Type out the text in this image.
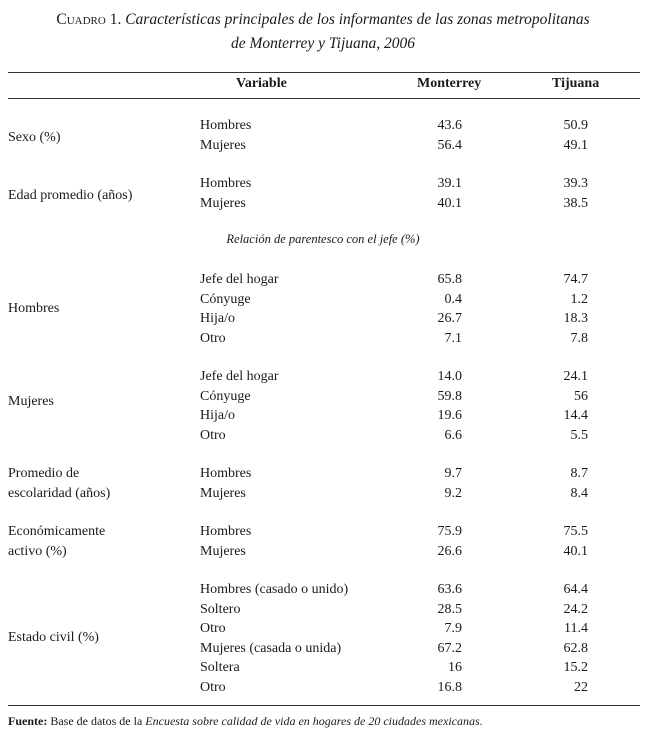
Cuadro 1. Características principales de los informantes de las zonas metropolitanas
de Monterrey y Tijuana, 2006
Variable	Monterrey	Tijuana
Sexo (%)
Hombres	43.6	50.9
Mujeres	56.4	49.1
Edad promedio (años)
Hombres	39.1	39.3
Mujeres	40.1	38.5
Relación de parentesco con el jefe (%)
Hombres
Jefe del hogar	65.8	74.7
Cónyuge	0.4	1.2
Hija/o	26.7	18.3
Otro	7.1	7.8
Mujeres
Jefe del hogar	14.0	24.1
Cónyuge	59.8	56
Hija/o	19.6	14.4
Otro	6.6	5.5
Promedio de
escolaridad (años)
Hombres	9.7	8.7
Mujeres	9.2	8.4
Económicamente
activo (%)
Hombres	75.9	75.5
Mujeres	26.6	40.1
Estado civil (%)
Hombres (casado o unido)	63.6	64.4
Soltero	28.5	24.2
Otro	7.9	11.4
Mujeres (casada o unida)	67.2	62.8
Soltera	16	15.2
Otro	16.8	22
Fuente: Base de datos de la Encuesta sobre calidad de vida en hogares de 20 ciudades mexicanas.
